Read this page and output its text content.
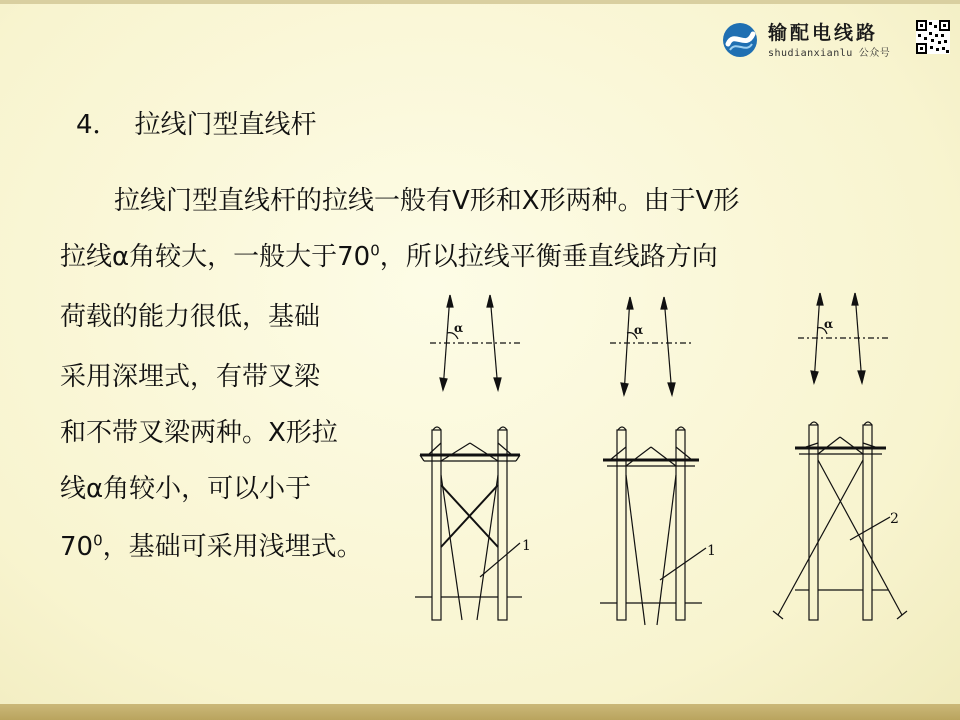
输配电线路
shudianxianlu 公众号
4． 拉线门型直线杆
拉线门型直线杆的拉线一般有V形和X形两种。由于V形
拉线α角较大，一般大于$70^0$，所以拉线平衡垂直线路方向
荷载的能力很低，基础
采用深埋式，有带叉梁
和不带叉梁两种。X形拉
线α角较小，可以小于
$70^0$，基础可采用浅埋式。	1	1
2
α	α	α
